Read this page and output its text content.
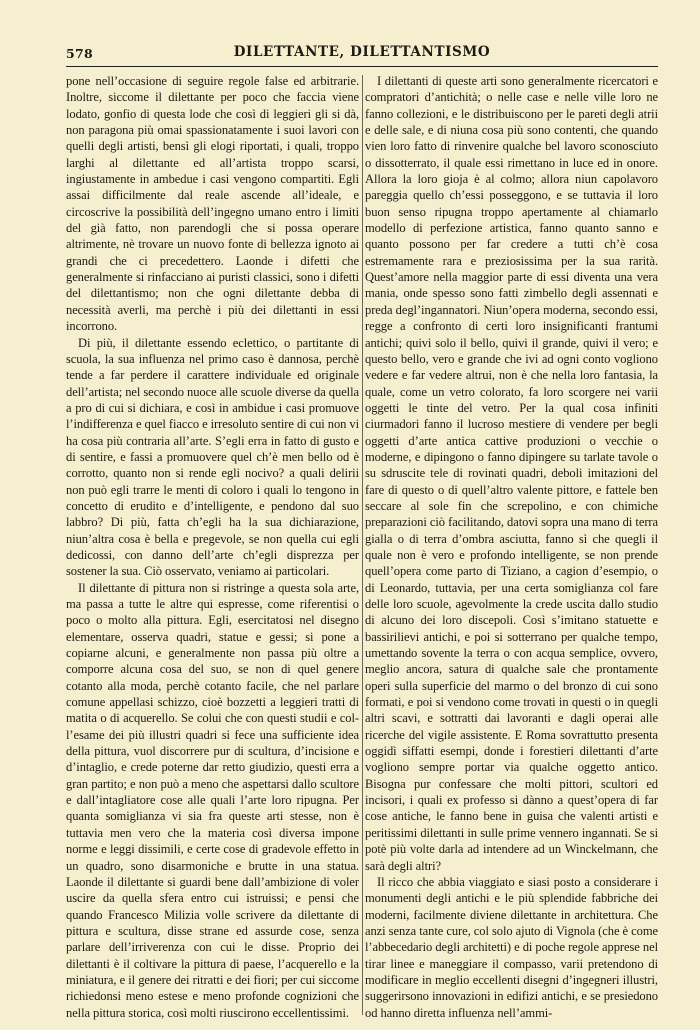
578	DILETTANTE, DILETTANTISMO

pone nell’occasione di seguire regole false ed arbitrarie. Inoltre, siccome il dilettante per poco che faccia viene lodato, gonfio di questa lode che così di leggieri gli si dà, non paragona più omai spassionatamente i suoi lavori con quelli degli artisti, bensì gli elogi riportati, i quali, troppo larghi al dilettante ed all’artista troppo scarsi, ingiustamente in ambedue i casi vengono compartiti. Egli assai difficilmente dal reale ascende all’ideale, e circoscrive la possibilità dell’ingegno umano entro i limiti del già fatto, non parendogli che si possa operare altrimente, nè trovare un nuovo fonte di bellezza ignoto ai grandi che ci precedettero. Laonde i difetti che generalmente si rinfacciano ai puristi classici, sono i difetti del dilettantismo; non che ogni dilettante debba di necessità averli, ma perchè i più dei dilettanti in essi incorrono.

Di più, il dilettante essendo eclettico, o partitante di scuola, la sua influenza nel primo caso è dannosa, perchè tende a far perdere il carattere individuale ed originale dell’artista; nel secondo nuoce alle scuole diverse da quella a pro di cui si dichiara, e così in ambidue i casi promuove l’indifferenza e quel fiacco e irresoluto sentire di cui non vi ha cosa più contraria all’arte. S’egli erra in fatto di gusto e di sentire, e fassi a promuovere quel ch’è men bello od è corrotto, quanto non si rende egli nocivo? a quali delirii non può egli trarre le menti di coloro i quali lo tengono in concetto di erudito e d’intelligente, e pendono dal suo labbro? Di più, fatta ch’egli ha la sua dichiarazione, niun’altra cosa è bella e pregevole, se non quella cui egli dedicossi, con danno dell’arte ch’egli disprezza per sostener la sua. Ciò osservato, veniamo ai particolari.

Il dilettante di pittura non si ristringe a questa sola arte, ma passa a tutte le altre qui espresse, come riferentisi o poco o molto alla pittura. Egli, esercitatosi nel disegno elementare, osserva quadri, statue e gessi; si pone a copiarne alcuni, e generalmente non passa più oltre a comporre alcuna cosa del suo, se non di quel genere cotanto alla moda, perchè cotanto facile, che nel parlare comune appellasi schizzo, cioè bozzetti a leggieri tratti di matita o di acquerello. Se colui che con questi studii e col-l’esame dei più illustri quadri si fece una sufficiente idea della pittura, vuol discorrere pur di scultura, d’incisione e d’intaglio, e crede poterne dar retto giudizio, questi erra a gran partito; e non può a meno che aspettarsi dallo scultore e dall’intagliatore cose alle quali l’arte loro ripugna. Per quanta somiglianza vi sia fra queste arti stesse, non è tuttavia men vero che la materia così diversa impone norme e leggi dissimili, e certe cose di gradevole effetto in un quadro, sono disarmoniche e brutte in una statua. Laonde il dilettante si guardi bene dall’ambizione di voler uscire da quella sfera entro cui istruissi; e pensi che quando Francesco Milizia volle scrivere da dilettante di pittura e scultura, disse strane ed assurde cose, senza parlare dell’irriverenza con cui le disse. Proprio dei dilettanti è il coltivare la pittura di paese, l’acquerello e la miniatura, e il genere dei ritratti e dei fiori; per cui siccome richiedonsi meno estese e meno profonde cognizioni che nella pittura storica, così molti riuscirono eccellentissimi.

I dilettanti di queste arti sono generalmente ricercatori e compratori d’antichità; o nelle case e nelle ville loro ne fanno collezioni, e le distribuiscono per le pareti degli atrii e delle sale, e di niuna cosa più sono contenti, che quando vien loro fatto di rinvenire qualche bel lavoro sconosciuto o dissotterrato, il quale essi rimettano in luce ed in onore. Allora la loro gioja è al colmo; allora niun capolavoro pareggia quello ch’essi posseggono, e se tuttavia il loro buon senso ripugna troppo apertamente al chiamarlo modello di perfezione artistica, fanno quanto sanno e quanto possono per far credere a tutti ch’è cosa estremamente rara e preziosissima per la sua rarità. Quest’amore nella maggior parte di essi diventa una vera mania, onde spesso sono fatti zimbello degli assennati e preda degl’ingannatori. Niun’opera moderna, secondo essi, regge a confronto di certi loro insignificanti frantumi antichi; quivi solo il bello, quivi il grande, quivi il vero; e questo bello, vero e grande che ivi ad ogni conto vogliono vedere e far vedere altrui, non è che nella loro fantasia, la quale, come un vetro colorato, fa loro scorgere nei varii oggetti le tinte del vetro. Per la qual cosa infiniti ciurmadori fanno il lucroso mestiere di vendere per begli oggetti d’arte antica cattive produzioni o vecchie o moderne, e dipingono o fanno dipingere su tarlate tavole o su sdruscite tele di rovinati quadri, deboli imitazioni del fare di questo o di quell’altro valente pittore, e fattele ben seccare al sole fin che screpolino, e con chimiche preparazioni ciò facilitando, datovi sopra una mano di terra gialla o di terra d’ombra asciutta, fanno sì che quegli il quale non è vero e profondo intelligente, se non prende quell’opera come parto di Tiziano, a cagion d’esempio, o di Leonardo, tuttavia, per una certa somiglianza col fare delle loro scuole, agevolmente la crede uscita dallo studio di alcuno dei loro discepoli. Così s’imitano statuette e bassirilievi antichi, e poi si sotterrano per qualche tempo, umettando sovente la terra o con acqua semplice, ovvero, meglio ancora, satura di qualche sale che prontamente operi sulla superficie del marmo o del bronzo di cui sono formati, e poi si vendono come trovati in questi o in quegli altri scavi, e sottratti dai lavoranti e dagli operai alle ricerche del vigile assistente. E Roma sovrattutto presenta oggidì siffatti esempi, donde i forestieri dilettanti d’arte vogliono sempre portar via qualche oggetto antico. Bisogna pur confessare che molti pittori, scultori ed incisori, i quali ex professo si dànno a quest’opera di far cose antiche, le fanno bene in guisa che valenti artisti e peritissimi dilettanti in sulle prime vennero ingannati. Se si potè più volte darla ad intendere ad un Winckelmann, che sarà degli altri?

Il ricco che abbia viaggiato e siasi posto a considerare i monumenti degli antichi e le più splendide fabbriche dei moderni, facilmente diviene dilettante in architettura. Che anzi senza tante cure, col solo ajuto di Vignola (che è come l’abbecedario degli architetti) e di poche regole apprese nel tirar linee e maneggiare il compasso, varii pretendono di modificare in meglio eccellenti disegni d’ingegneri illustri, suggerirsono innovazioni in edifizi antichi, e se presiedono od hanno diretta influenza nell’ammi-
